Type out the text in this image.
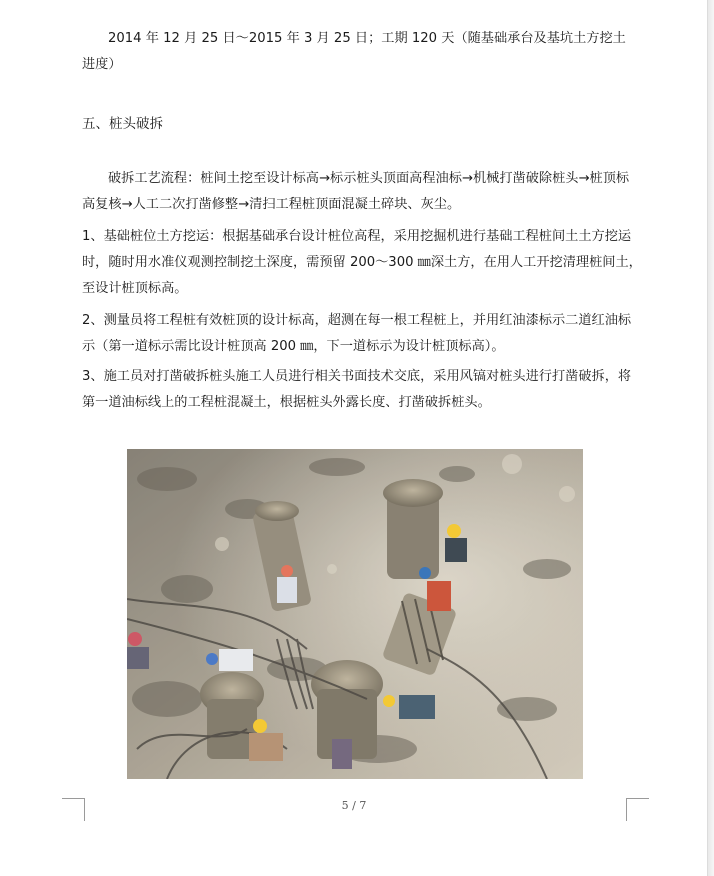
2014 年 12 月 25 日～2015 年 3 月 25 日；工期 120 天（随基础承台及基坑土方挖土

进度）

五、桩头破拆

破拆工艺流程：桩间土挖至设计标高→标示桩头顶面高程油标→机械打凿破除桩头→桩顶标高复核→人工二次打凿修整→清扫工程桩顶面混凝土碎块、灰尘。

1、基础桩位土方挖运：根据基础承台设计桩位高程，采用挖掘机进行基础工程桩间土土方挖运时，随时用水准仪观测控制挖土深度，需预留 200～300 ㎜深土方，在用人工开挖清理桩间土，至设计桩顶标高。

2、测量员将工程桩有效桩顶的设计标高，超测在每一根工程桩上，并用红油漆标示二道红油标示（第一道标示需比设计桩顶高 200 ㎜，下一道标示为设计桩顶标高）。

3、施工员对打凿破拆桩头施工人员进行相关书面技术交底，采用风镐对桩头进行打凿破拆，将第一道油标线上的工程桩混凝土，根据桩头外露长度、打凿破拆桩头。

5 / 7
